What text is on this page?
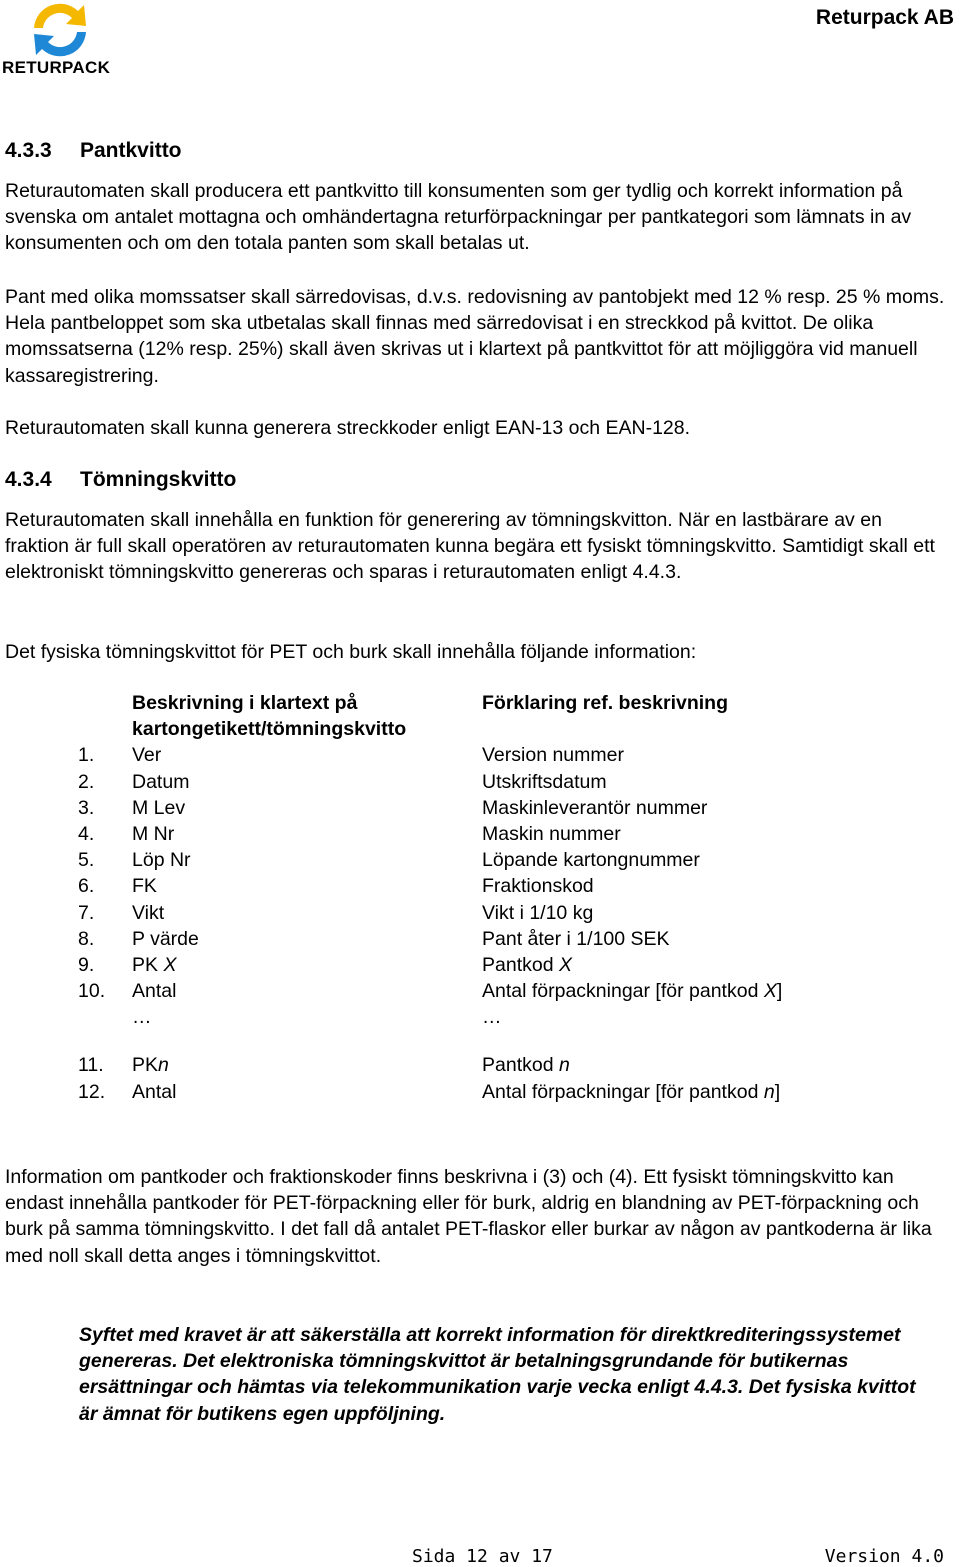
RETURPACK
Returpack AB
4.3.3 Pantkvitto

Returautomaten skall producera ett pantkvitto till konsumenten som ger tydlig och korrekt information på svenska om antalet mottagna och omhändertagna returförpackningar per pantkategori som lämnats in av konsumenten och om den totala panten som skall betalas ut.

Pant med olika momssatser skall särredovisas, d.v.s. redovisning av pantobjekt med 12 % resp. 25 % moms. Hela pantbeloppet som ska utbetalas skall finnas med särredovisat i en streckkod på kvittot. De olika momssatserna (12% resp. 25%) skall även skrivas ut i klartext på pantkvittot för att möjliggöra vid manuell kassaregistrering.

Returautomaten skall kunna generera streckkoder enligt EAN-13 och EAN-128.

4.3.4 Tömningskvitto

Returautomaten skall innehålla en funktion för generering av tömningskvitton. När en lastbärare av en fraktion är full skall operatören av returautomaten kunna begära ett fysiskt tömningskvitto. Samtidigt skall ett elektroniskt tömningskvitto genereras och sparas i returautomaten enligt 4.4.3.

Det fysiska tömningskvittot för PET och burk skall innehålla följande information:

	Beskrivning i klartext på kartongetikett/tömningskvitto	Förklaring ref. beskrivning
1.	Ver	Version nummer
2.	Datum	Utskriftsdatum
3.	M Lev	Maskinleverantör nummer
4.	M Nr	Maskin nummer
5.	Löp Nr	Löpande kartongnummer
6.	FK	Fraktionskod
7.	Vikt	Vikt i 1/10 kg
8.	P värde	Pant åter i 1/100 SEK
9.	PK X	Pantkod X
10.	Antal	Antal förpackningar [för pantkod X]
	…	…
11.	PKn	Pantkod n
12.	Antal	Antal förpackningar [för pantkod n]

Information om pantkoder och fraktionskoder finns beskrivna i (3) och (4). Ett fysiskt tömningskvitto kan endast innehålla pantkoder för PET-förpackning eller för burk, aldrig en blandning av PET-förpackning och burk på samma tömningskvitto. I det fall då antalet PET-flaskor eller burkar av någon av pantkoderna är lika med noll skall detta anges i tömningskvittot.

Syftet med kravet är att säkerställa att korrekt information för direktkrediteringssystemet genereras. Det elektroniska tömningskvittot är betalningsgrundande för butikernas ersättningar och hämtas via telekommunikation varje vecka enligt 4.4.3. Det fysiska kvittot är ämnat för butikens egen uppföljning.

Sida 12 av 17	Version 4.0
